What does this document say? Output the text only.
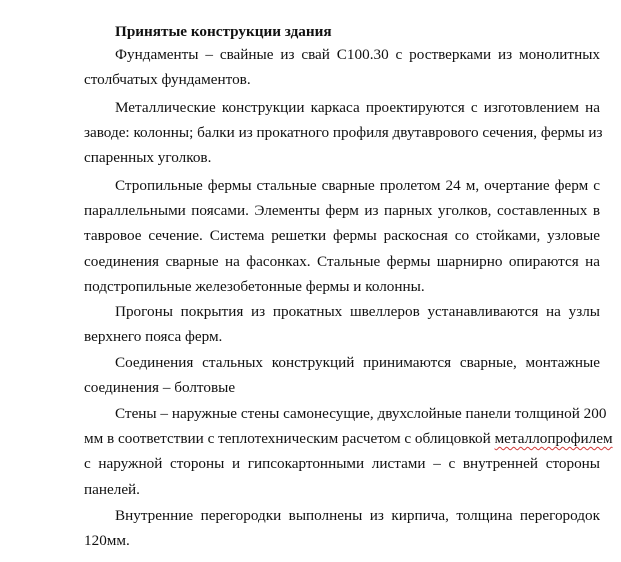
Принятые конструкции здания
Фундаменты – свайные из свай С100.30 с ростверками из монолитных
столбчатых фундаментов.
Металлические конструкции каркаса проектируются с изготовлением на
заводе: колонны; балки из прокатного профиля двутаврового сечения, фермы из
спаренных уголков.
Стропильные фермы стальные сварные пролетом 24 м, очертание ферм с
параллельными поясами. Элементы ферм из парных уголков, составленных в
тавровое сечение. Система решетки фермы раскосная со стойками, узловые
соединения сварные на фасонках. Стальные фермы шарнирно опираются на
подстропильные железобетонные фермы и колонны.
Прогоны покрытия из прокатных швеллеров устанавливаются на узлы
верхнего пояса ферм.
Соединения стальных конструкций принимаются сварные, монтажные
соединения – болтовые
Стены – наружные стены самонесущие, двухслойные панели толщиной 200
мм в соответствии с теплотехническим расчетом с облицовкой металлопрофилем
с наружной стороны и гипсокартонными листами – с внутренней стороны
панелей.
Внутренние перегородки выполнены из кирпича, толщина перегородок
120мм.
